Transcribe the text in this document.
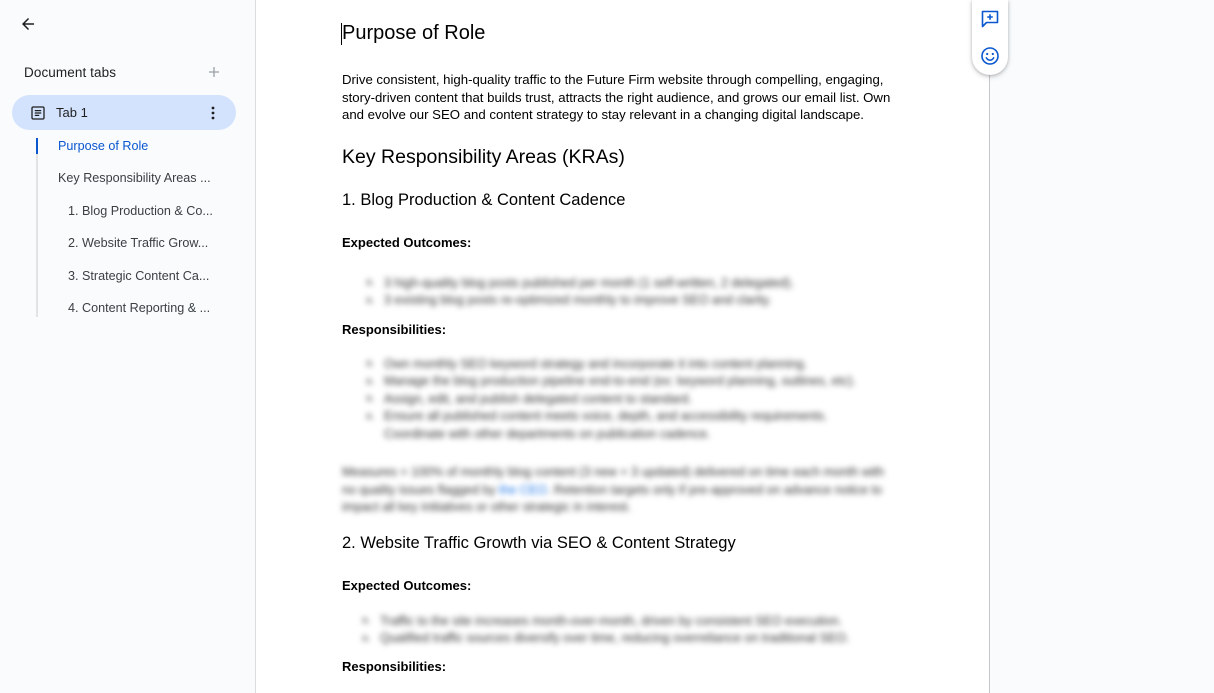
Document tabs
Tab 1
Purpose of Role
Key Responsibility Areas ...
1. Blog Production & Co...
2. Website Traffic Grow...
3. Strategic Content Ca...
4. Content Reporting & ...
Purpose of Role
Drive consistent, high-quality traffic to the Future Firm website through compelling, engaging, story-driven content that builds trust, attracts the right audience, and grows our email list. Own and evolve our SEO and content strategy to stay relevant in a changing digital landscape.
Key Responsibility Areas (KRAs)
1. Blog Production & Content Cadence
Expected Outcomes:
a. 3 high-quality blog posts published per month (1 self-written, 2 delegated).
a. 3 existing blog posts re-optimized monthly to improve SEO and clarity.
Responsibilities:
a. Own monthly SEO keyword strategy and incorporate it into content planning.
a. Manage the blog production pipeline end-to-end (ex: keyword planning, outlines, etc).
a. Assign, edit, and publish delegated content to standard.
a. Ensure all published content meets voice, depth, and accessibility requirements.
Coordinate with other departments on publication cadence.
Measures = 100% of monthly blog content (3 new + 3 updated) delivered on time each month with no quality issues flagged by the CEO. Retention targets only if pre-approved on advance notice to impact all key initiatives or other strategic in interest.
2. Website Traffic Growth via SEO & Content Strategy
Expected Outcomes:
a. Traffic to the site increases month-over-month, driven by consistent SEO execution.
a. Qualified traffic sources diversify over time, reducing overreliance on traditional SEO.
Responsibilities:
